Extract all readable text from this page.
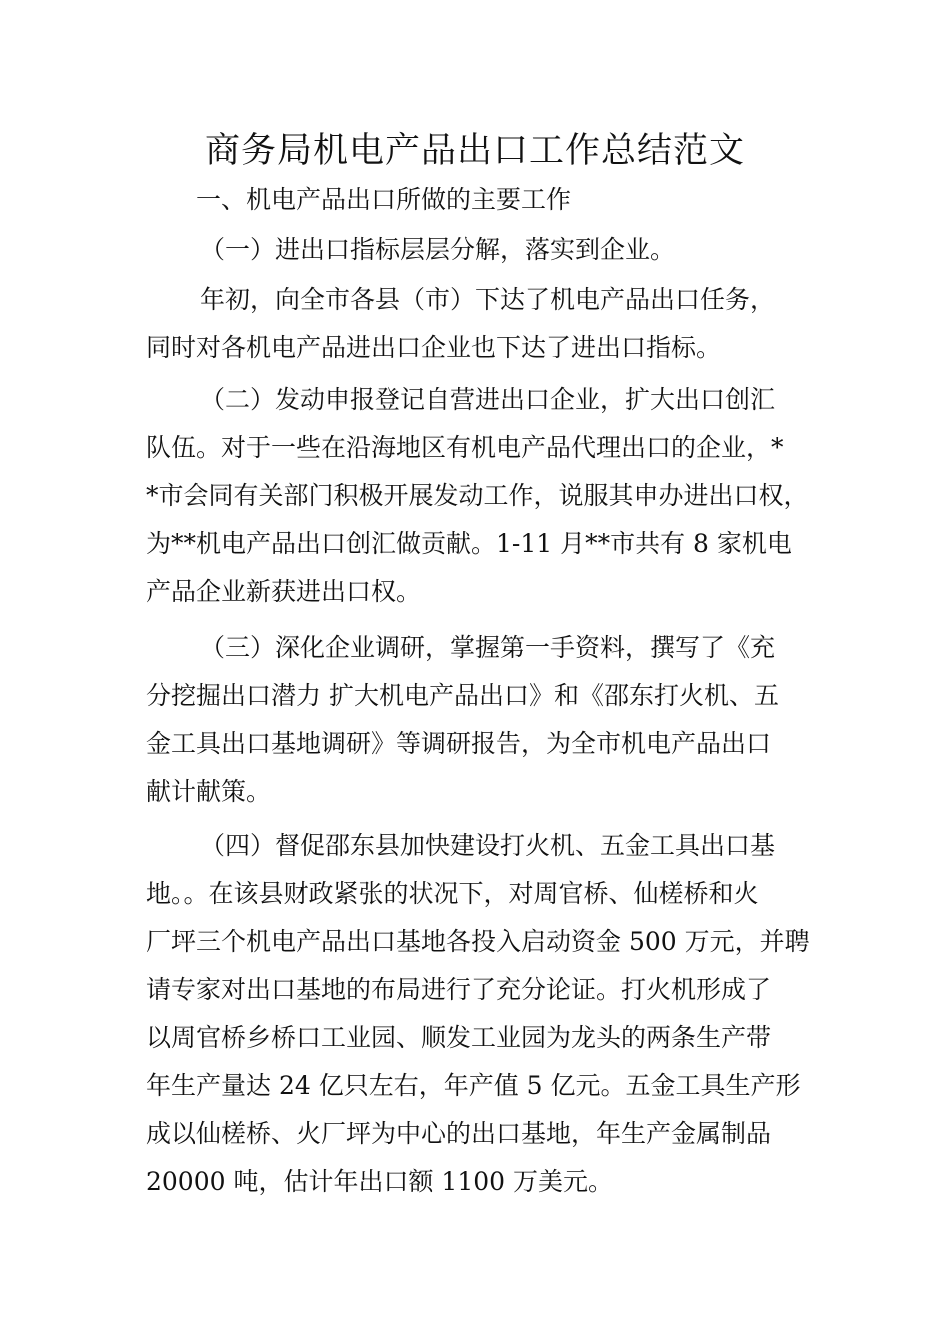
商务局机电产品出口工作总结范文

一、机电产品出口所做的主要工作

（一）进出口指标层层分解，落实到企业。

年初，向全市各县（市）下达了机电产品出口任务，
同时对各机电产品进出口企业也下达了进出口指标。
（二）发动申报登记自营进出口企业，扩大出口创汇
队伍。对于一些在沿海地区有机电产品代理出口的企业，*
*市会同有关部门积极开展发动工作，说服其申办进出口权，
为**机电产品出口创汇做贡献。1-11 月**市共有 8 家机电
产品企业新获进出口权。
（三）深化企业调研，掌握第一手资料，撰写了《充
分挖掘出口潜力 扩大机电产品出口》和《邵东打火机、五
金工具出口基地调研》等调研报告，为全市机电产品出口
献计献策。
（四）督促邵东县加快建设打火机、五金工具出口基
地。。在该县财政紧张的状况下，对周官桥、仙槎桥和火
厂坪三个机电产品出口基地各投入启动资金 500 万元，并聘
请专家对出口基地的布局进行了充分论证。打火机形成了
以周官桥乡桥口工业园、顺发工业园为龙头的两条生产带
年生产量达 24 亿只左右，年产值 5 亿元。五金工具生产形
成以仙槎桥、火厂坪为中心的出口基地，年生产金属制品
20000 吨，估计年出口额 1100 万美元。
